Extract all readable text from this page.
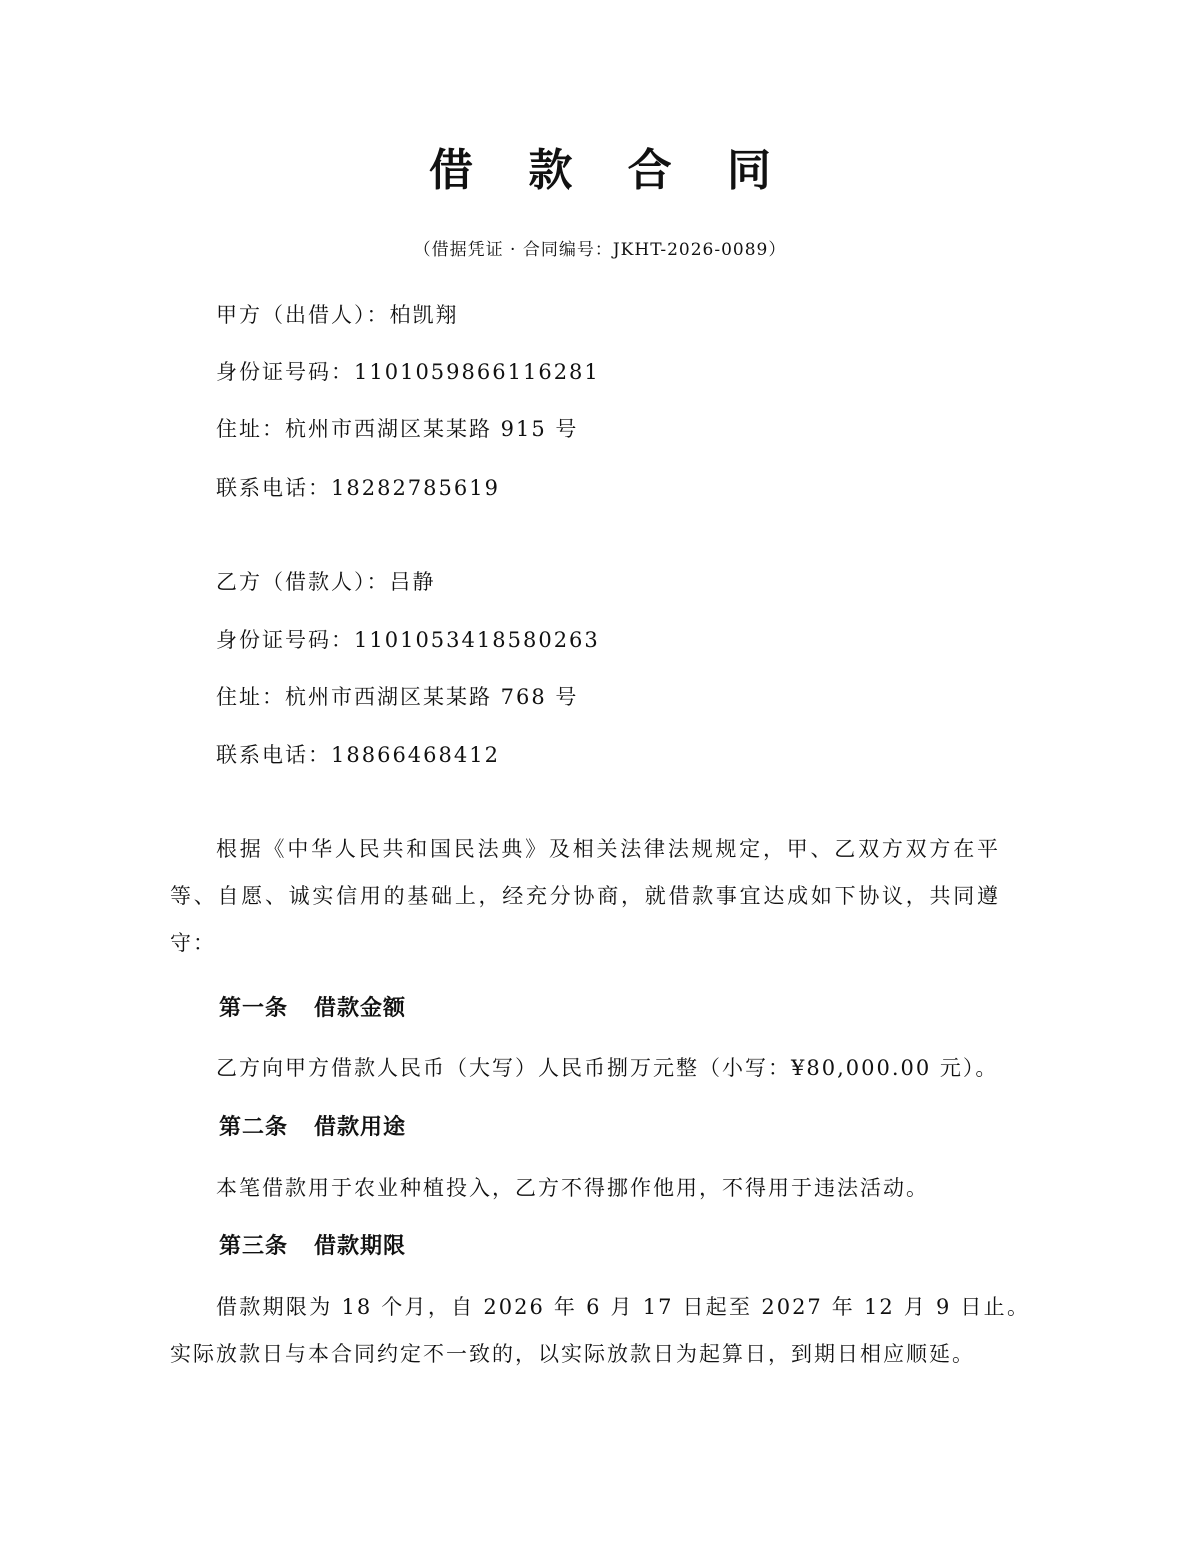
借 款 合 同
（借据凭证 · 合同编号：JKHT-2026-0089）
甲方（出借人）：柏凯翔
身份证号码：1101059866116281
住址：杭州市西湖区某某路 915 号
联系电话：18282785619
乙方（借款人）：吕静
身份证号码：1101053418580263
住址：杭州市西湖区某某路 768 号
联系电话：18866468412
根据《中华人民共和国民法典》及相关法律法规规定，甲、乙双方双方在平等、自愿、诚实信用的基础上，经充分协商，就借款事宜达成如下协议，共同遵守：
第一条 借款金额
乙方向甲方借款人民币（大写）人民币捌万元整（小写：¥80,000.00 元）。
第二条 借款用途
本笔借款用于农业种植投入，乙方不得挪作他用，不得用于违法活动。
第三条 借款期限
借款期限为 18 个月，自 2026 年 6 月 17 日起至 2027 年 12 月 9 日止。实际放款日与本合同约定不一致的，以实际放款日为起算日，到期日相应顺延。
